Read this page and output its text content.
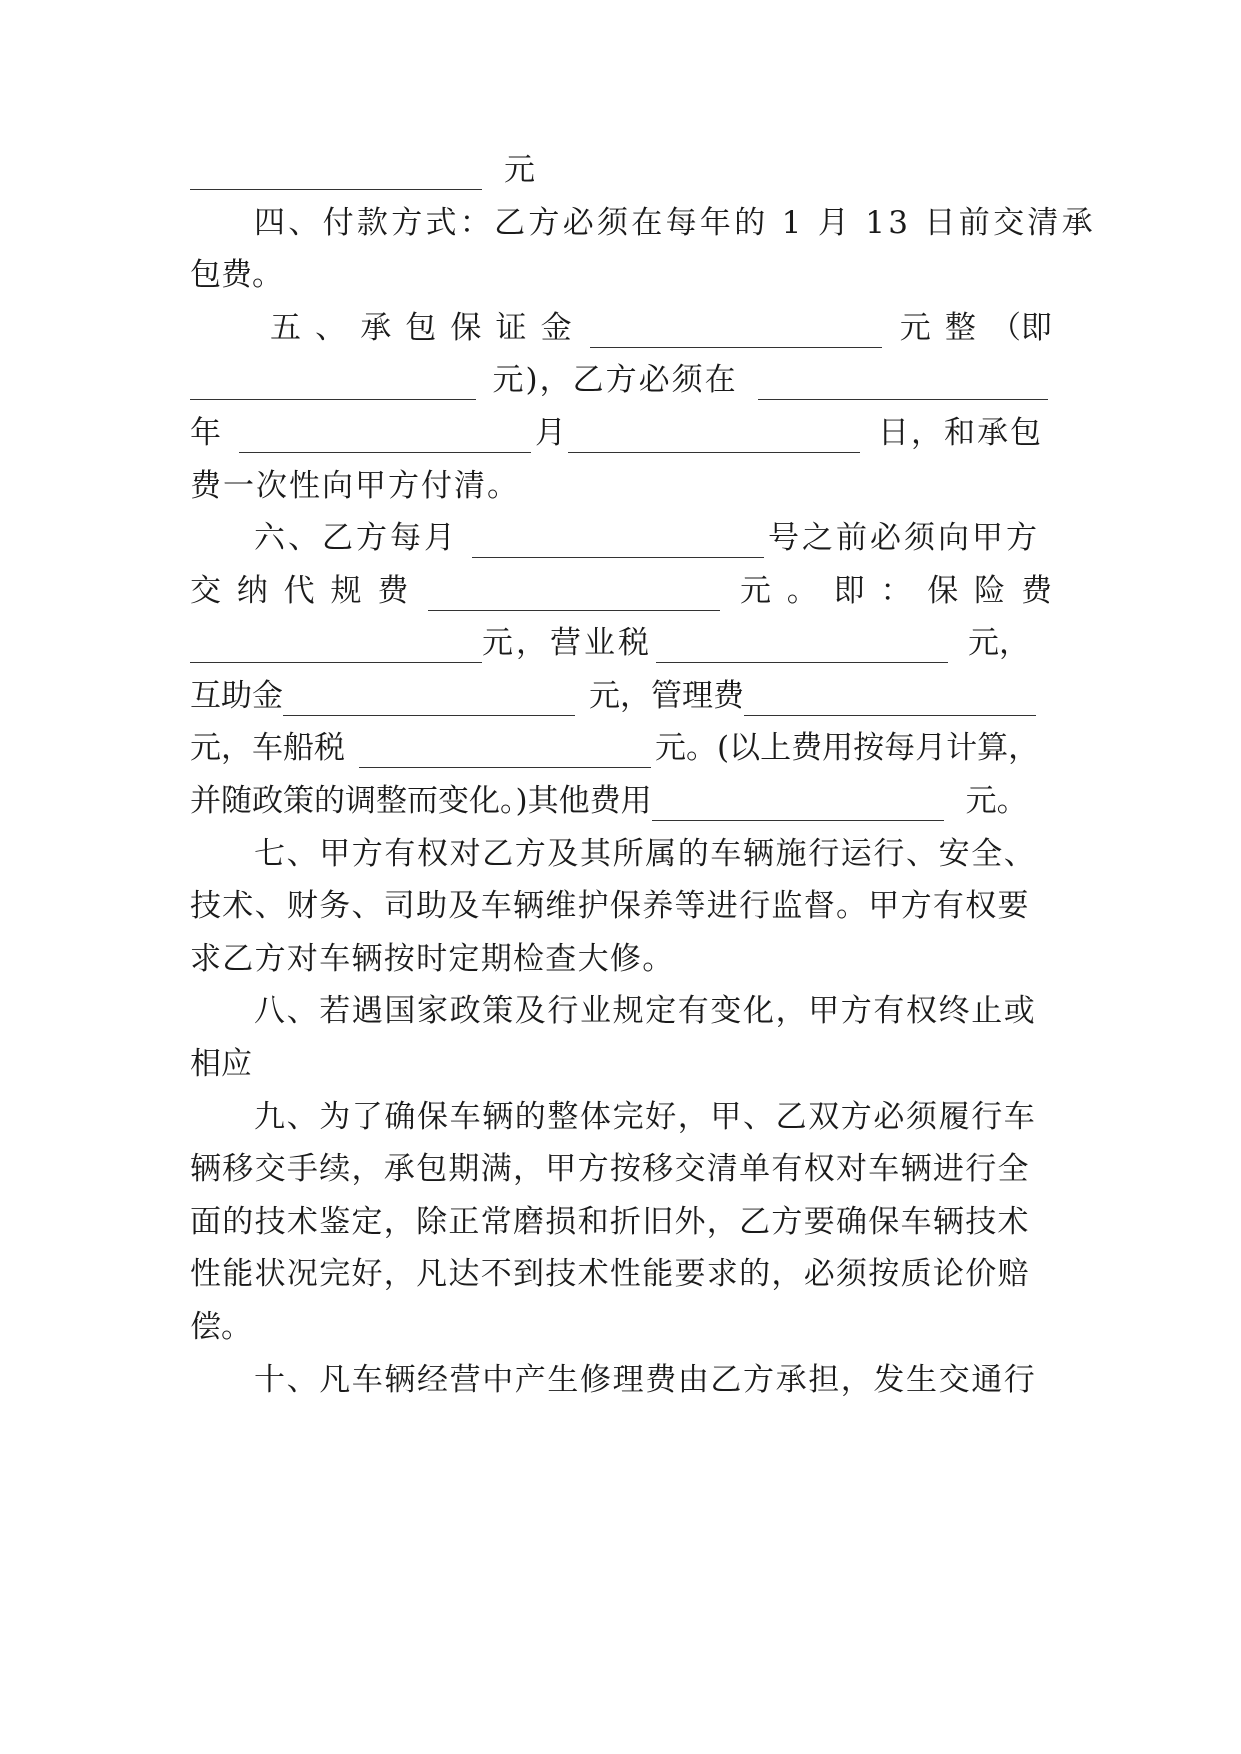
元
四、付款方式：乙方必须在每年的 1 月 13 日前交清承
包费。
五 、 承 包 保 证 金	元 整 （即
元)，乙方必须在
年	月	日，和承包
费一次性向甲方付清。
六、乙方每月	号之前必须向甲方
交 纳 代 规 费	元 。 即 ： 保 险 费
元，营业税	元，
互助金	元，管理费
元，车船税	元。(以上费用按每月计算，
并随政策的调整而变化。)其他费用	元。
七、甲方有权对乙方及其所属的车辆施行运行、安全、
技术、财务、司助及车辆维护保养等进行监督。甲方有权要
求乙方对车辆按时定期检查大修。
八、若遇国家政策及行业规定有变化，甲方有权终止或
相应
九、为了确保车辆的整体完好，甲、乙双方必须履行车
辆移交手续，承包期满，甲方按移交清单有权对车辆进行全
面的技术鉴定，除正常磨损和折旧外，乙方要确保车辆技术
性能状况完好，凡达不到技术性能要求的，必须按质论价赔
偿。
十、凡车辆经营中产生修理费由乙方承担，发生交通行
